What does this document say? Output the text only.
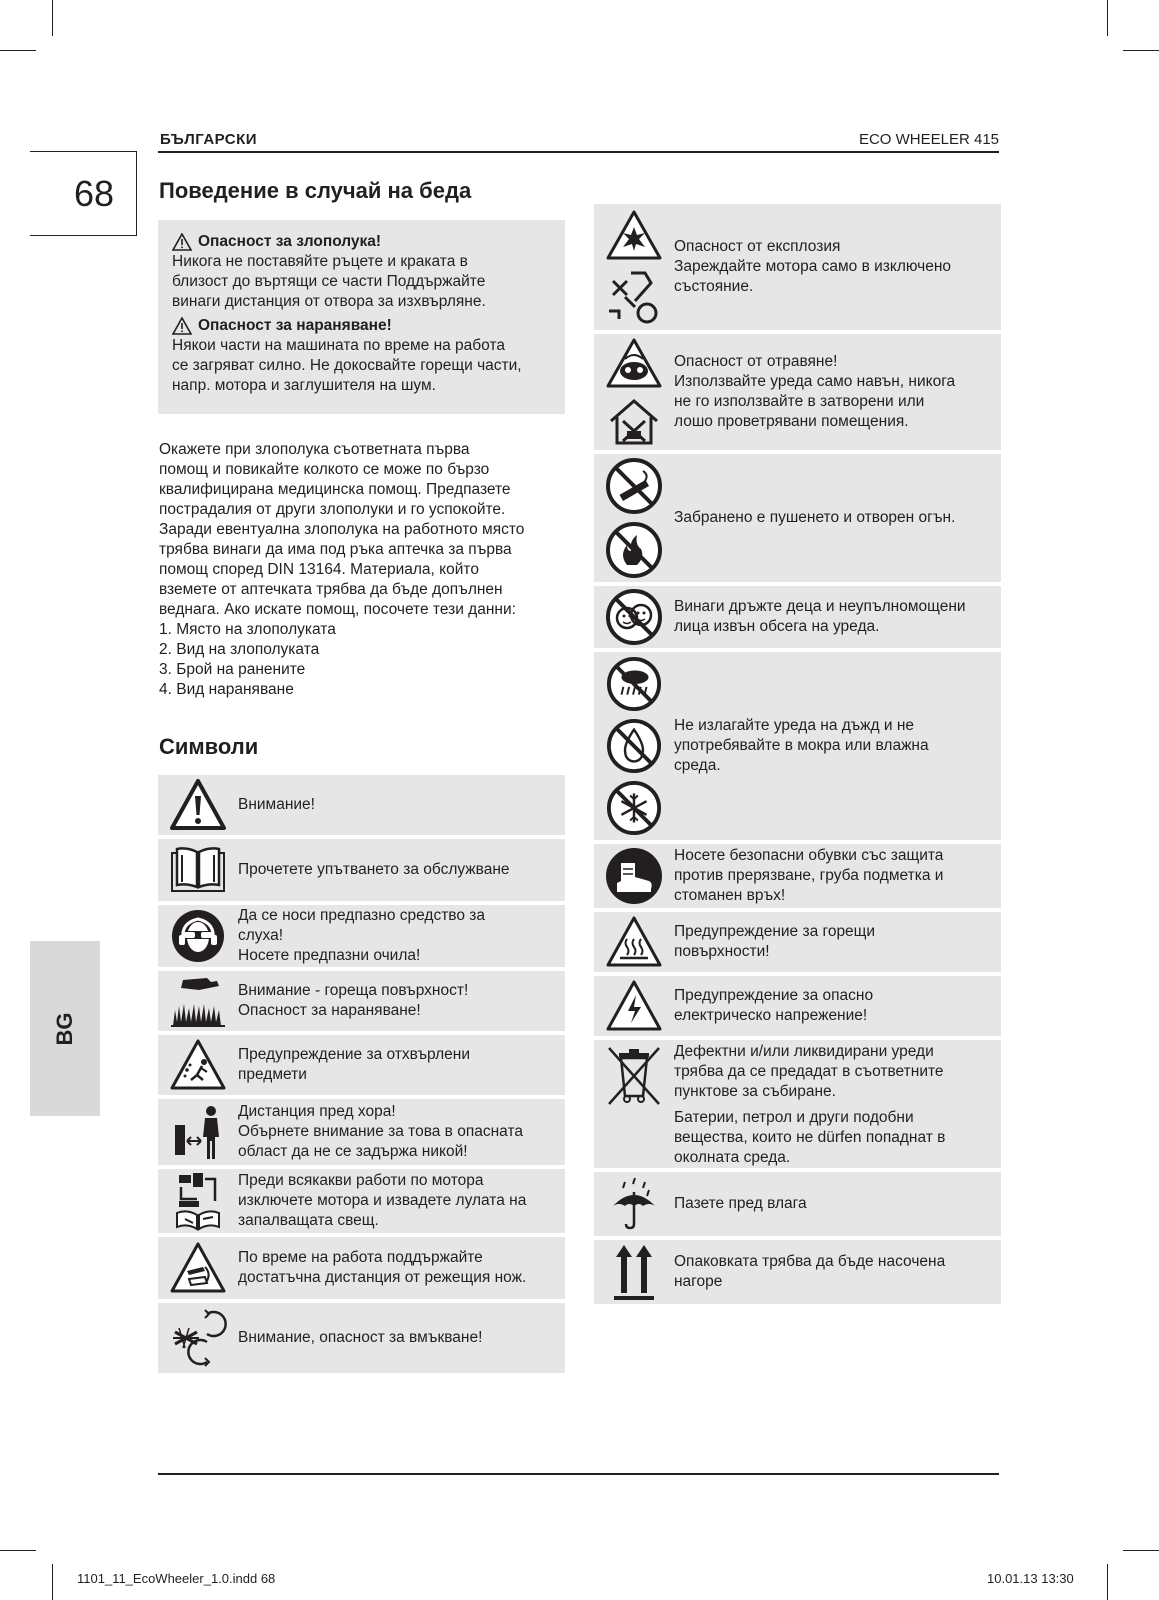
БЪЛГАРСКИ	ECO WHEELER 415
68
BG
Поведение в случай на беда
Опасност за злополука!
Никога не поставяйте ръцете и краката в
близост до въртящи се части Поддържайте
винаги дистанция от отвора за изхвърляне.
Опасност за нараняване!
Някои части на машината по време на работа
се загряват силно. Не докосвайте горещи части,
напр. мотора и заглушителя на шум.
Окажете при злополука съответната първа
помощ и повикайте колкото се може по бързо
квалифицирана медицинска помощ. Предпазете
пострадалия от други злополуки и го успокойте.
Заради евентуална злополука на работното място
трябва винаги да има под ръка аптечка за първа
помощ според DIN 13164. Материала, който
вземете от аптечката трябва да бъде допълнен
веднага. Ако искате помощ, посочете тези данни:
1. Място на злополуката
2. Вид на злополуката
3. Брой на ранените
4. Вид нараняване
Символи
Внимание!
Прочетете упътването за обслужване
Да се носи предпазно средство за
слуха!
Носете предпазни очила!
Внимание - гореща повърхност!
Опасност за нараняване!
Предупреждение за отхвърлени
предмети
Дистанция пред хора!
Обърнете внимание за това в опасната
област да не се задържа никой!
Преди всякакви работи по мотора
изключете мотора и извадете лулата на
запалващата свещ.
По време на работа поддържайте
достатъчна дистанция от режещия нож.
Внимание, опасност за вмъкване!
Опасност от експлозия
Зареждайте мотора само в изключено
състояние.
Опасност от отравяне!
Използвайте уреда само навън, никога
не го използвайте в затворени или
лошо проветрявани помещения.
Забранено е пушенето и отворен огън.
Винаги дръжте деца и неупълномощени
лица извън обсега на уреда.
Не излагайте уреда на дъжд и не
употребявайте в мокра или влажна
среда.
Носете безопасни обувки със защита
против прерязване, груба подметка и
стоманен връх!
Предупреждение за горещи
повърхности!
Предупреждение за опасно
електрическо напрежение!
Дефектни и/или ликвидирани уреди
трябва да се предадат в съответните
пунктове за събиране.
Батерии, петрол и други подобни
вещества, които не dürfen попаднат в
околната среда.
Пазете пред влага
Опаковката трябва да бъде насочена
нагоре
1101_11_EcoWheeler_1.0.indd 68	10.01.13 13:30
